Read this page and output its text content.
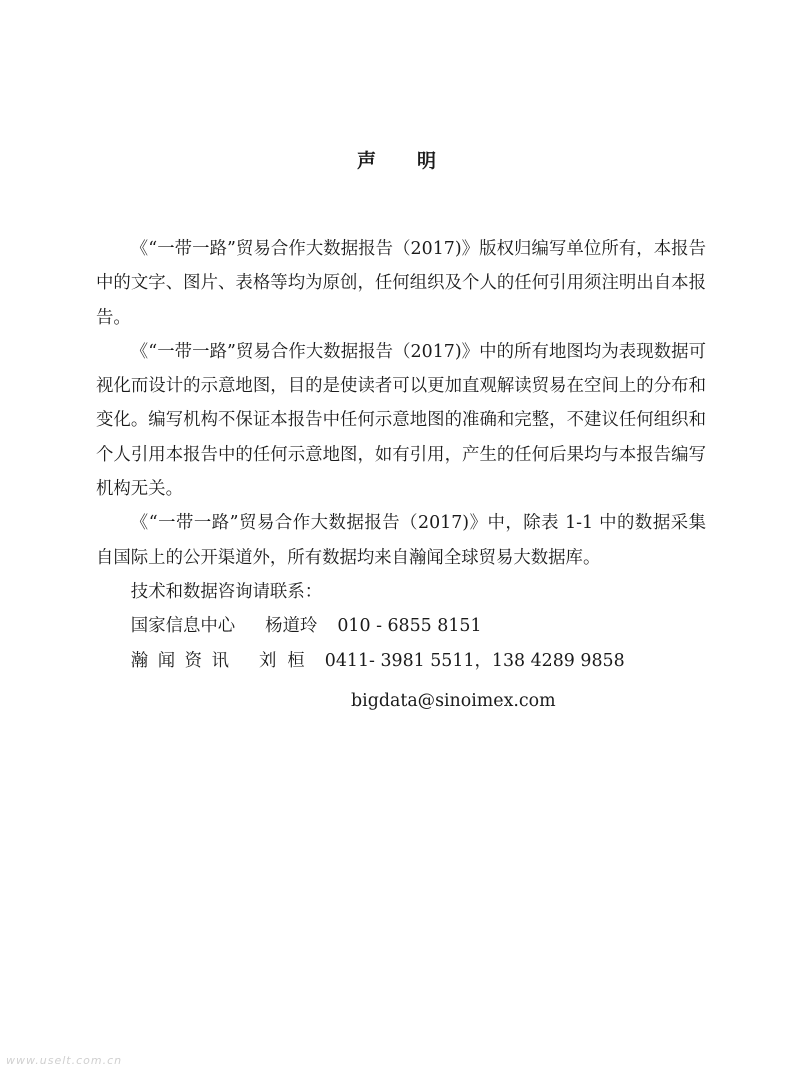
声 明

《“一带一路”贸易合作大数据报告（2017)》版权归编写单位所有，本报告中的文字、图片、表格等均为原创，任何组织及个人的任何引用须注明出自本报告。

《“一带一路”贸易合作大数据报告（2017)》中的所有地图均为表现数据可视化而设计的示意地图，目的是使读者可以更加直观解读贸易在空间上的分布和变化。编写机构不保证本报告中任何示意地图的准确和完整，不建议任何组织和个人引用本报告中的任何示意地图，如有引用，产生的任何后果均与本报告编写机构无关。

《“一带一路”贸易合作大数据报告（2017)》中，除表 1-1 中的数据采集自国际上的公开渠道外，所有数据均来自瀚闻全球贸易大数据库。

技术和数据咨询请联系：

国家信息中心 杨道玲 010 - 6855 8151

瀚 闻 资 讯 刘  桓 0411- 3981 5511，138 4289 9858

bigdata@sinoimex.com

www.uselt.com.cn
